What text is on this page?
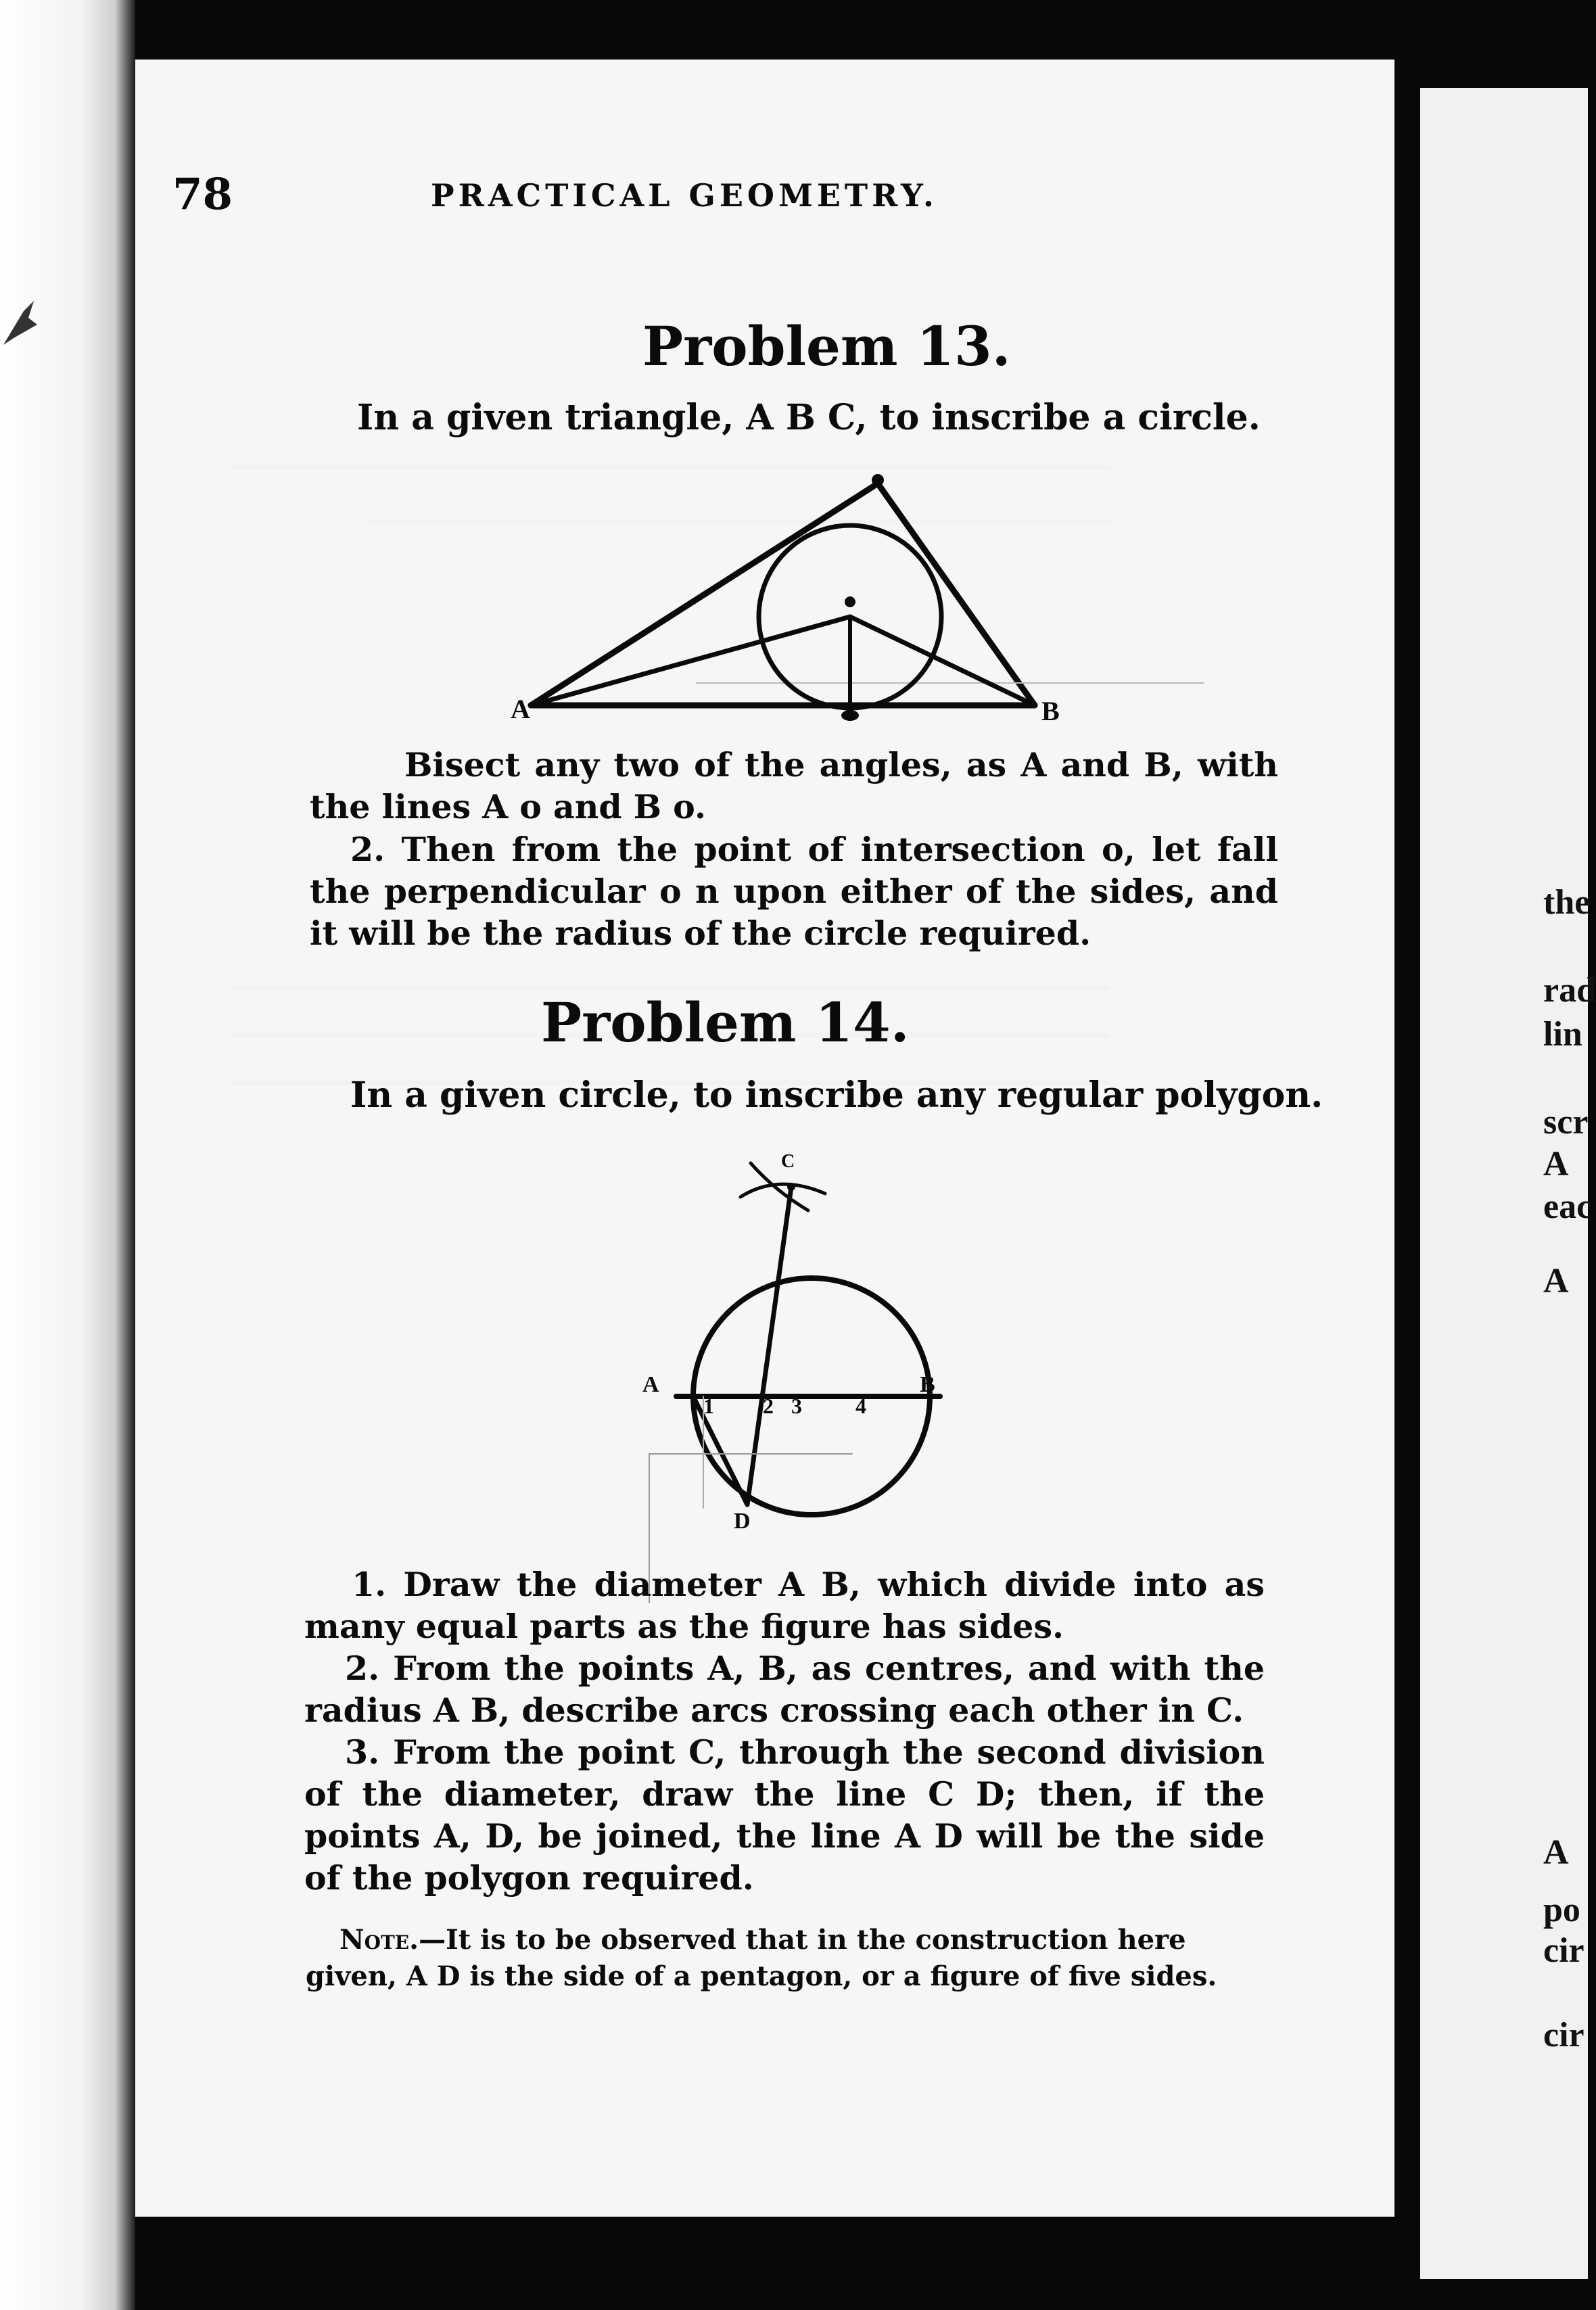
the
rad
lin
scr
A
eac
A
A
po
cir
cir

78	PRACTICAL GEOMETRY.

Problem 13.

In a given triangle, A B C, to inscribe a circle.

A	B

Bisect any two of the angles, as A and B, with the lines A o and B o.

2. Then from the point of intersection o, let fall the perpendicular o n upon either of the sides, and it will be the radius of the circle required.

Problem 14.

In a given circle, to inscribe any regular polygon.

C
A	B
D
1 2 3 4

1. Draw the diameter A B, which divide into as many equal parts as the figure has sides.

2. From the points A, B, as centres, and with the radius A B, describe arcs crossing each other in C.

3. From the point C, through the second division of the diameter, draw the line C D; then, if the points A, D, be joined, the line A D will be the side of the polygon required.

Note.—It is to be observed that in the construction here given, A D is the side of a pentagon, or a figure of five sides.
